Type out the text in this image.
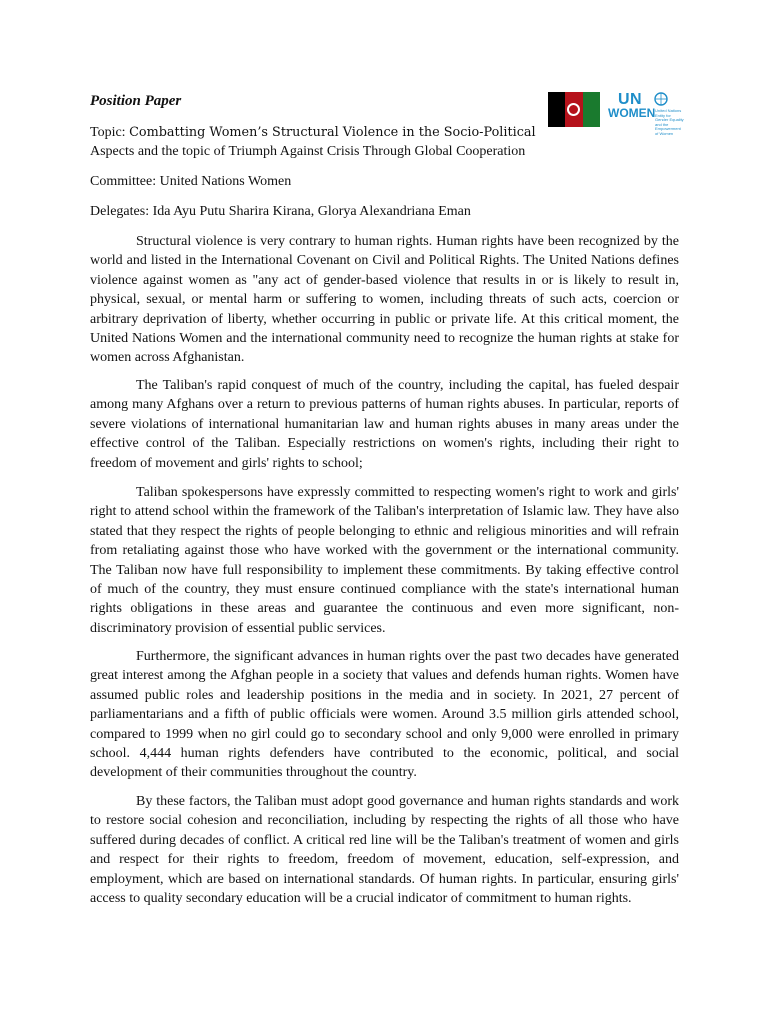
Position Paper	UN
WOMEN United Nations Entity for Gender Equality and the Empowerment of Women
Topic: Combatting Women’s Structural Violence in the Socio-Political
Aspects and the topic of Triumph Against Crisis Through Global Cooperation
Committee: United Nations Women
Delegates: Ida Ayu Putu Sharira Kirana, Glorya Alexandriana Eman

Structural violence is very contrary to human rights. Human rights have been recognized by the world and listed in the International Covenant on Civil and Political Rights. The United Nations defines violence against women as "any act of gender-based violence that results in or is likely to result in, physical, sexual, or mental harm or suffering to women, including threats of such acts, coercion or arbitrary deprivation of liberty, whether occurring in public or private life. At this critical moment, the United Nations Women and the international community need to recognize the human rights at stake for women across Afghanistan.

The Taliban's rapid conquest of much of the country, including the capital, has fueled despair among many Afghans over a return to previous patterns of human rights abuses. In particular, reports of severe violations of international humanitarian law and human rights abuses in many areas under the effective control of the Taliban. Especially restrictions on women's rights, including their right to freedom of movement and girls' rights to school;

Taliban spokespersons have expressly committed to respecting women's right to work and girls' right to attend school within the framework of the Taliban's interpretation of Islamic law. They have also stated that they respect the rights of people belonging to ethnic and religious minorities and will refrain from retaliating against those who have worked with the government or the international community. The Taliban now have full responsibility to implement these commitments. By taking effective control of much of the country, they must ensure continued compliance with the state's international human rights obligations in these areas and guarantee the continuous and even more significant, non-discriminatory provision of essential public services.

Furthermore, the significant advances in human rights over the past two decades have generated great interest among the Afghan people in a society that values and defends human rights. Women have assumed public roles and leadership positions in the media and in society. In 2021, 27 percent of parliamentarians and a fifth of public officials were women. Around 3.5 million girls attended school, compared to 1999 when no girl could go to secondary school and only 9,000 were enrolled in primary school. 4,444 human rights defenders have contributed to the economic, political, and social development of their communities throughout the country.

By these factors, the Taliban must adopt good governance and human rights standards and work to restore social cohesion and reconciliation, including by respecting the rights of all those who have suffered during decades of conflict. A critical red line will be the Taliban's treatment of women and girls and respect for their rights to freedom, freedom of movement, education, self-expression, and employment, which are based on international standards. Of human rights. In particular, ensuring girls' access to quality secondary education will be a crucial indicator of commitment to human rights.
